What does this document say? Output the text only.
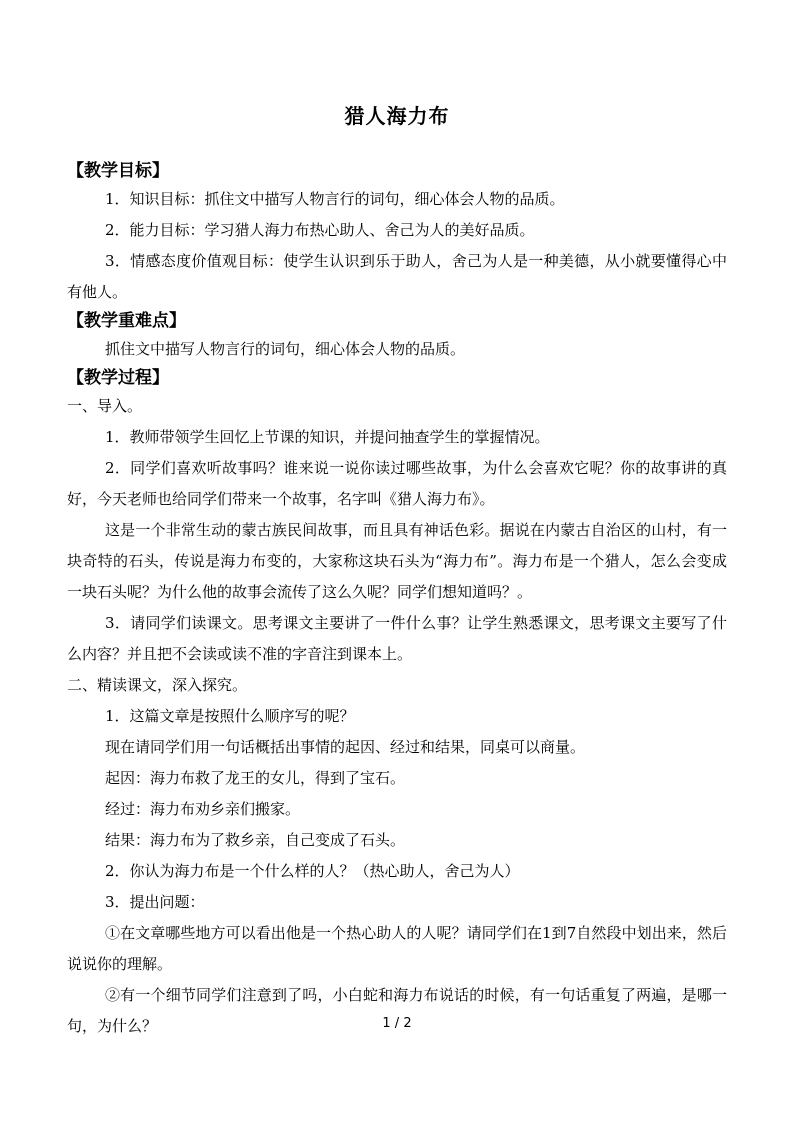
猎人海力布
【教学目标】

1．知识目标：抓住文中描写人物言行的词句，细心体会人物的品质。

2．能力目标：学习猎人海力布热心助人、舍己为人的美好品质。

3．情感态度价值观目标：使学生认识到乐于助人，舍己为人是一种美德，从小就要懂得心中有他人。

【教学重难点】

抓住文中描写人物言行的词句，细心体会人物的品质。

【教学过程】

一、导入。

1．教师带领学生回忆上节课的知识，并提问抽查学生的掌握情况。

2．同学们喜欢听故事吗？谁来说一说你读过哪些故事，为什么会喜欢它呢？你的故事讲的真好，今天老师也给同学们带来一个故事，名字叫《猎人海力布》。

这是一个非常生动的蒙古族民间故事，而且具有神话色彩。据说在内蒙古自治区的山村，有一块奇特的石头，传说是海力布变的，大家称这块石头为“海力布”。海力布是一个猎人，怎么会变成一块石头呢？为什么他的故事会流传了这么久呢？同学们想知道吗？。

3．请同学们读课文。思考课文主要讲了一件什么事？让学生熟悉课文，思考课文主要写了什么内容？并且把不会读或读不准的字音注到课本上。

二、精读课文，深入探究。

1．这篇文章是按照什么顺序写的呢？

现在请同学们用一句话概括出事情的起因、经过和结果，同桌可以商量。

起因：海力布救了龙王的女儿，得到了宝石。

经过：海力布劝乡亲们搬家。

结果：海力布为了救乡亲，自己变成了石头。

2．你认为海力布是一个什么样的人？（热心助人，舍己为人）

3．提出问题：

①在文章哪些地方可以看出他是一个热心助人的人呢？请同学们在1到7自然段中划出来，然后说说你的理解。

②有一个细节同学们注意到了吗，小白蛇和海力布说话的时候，有一句话重复了两遍，是哪一句，为什么？	1 / 2
